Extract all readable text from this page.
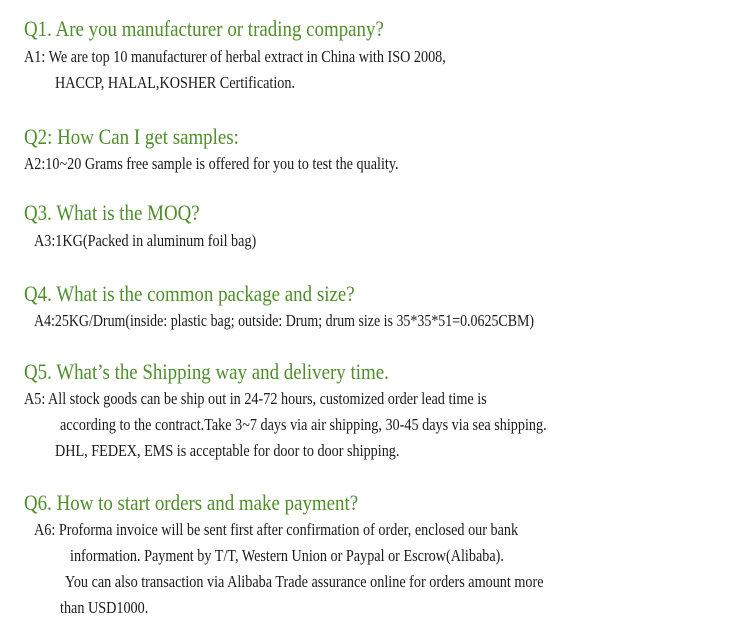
Q1. Are you manufacturer or trading company?
A1: We are top 10 manufacturer of herbal extract in China with ISO 2008,
HACCP, HALAL,KOSHER Certification.
Q2: How Can I get samples:
A2:10~20 Grams free sample is offered for you to test the quality.
Q3. What is the MOQ?
A3:1KG(Packed in aluminum foil bag)
Q4. What is the common package and size?
A4:25KG/Drum(inside: plastic bag; outside: Drum; drum size is 35*35*51=0.0625CBM)
Q5. What’s the Shipping way and delivery time.
A5: All stock goods can be ship out in 24-72 hours, customized order lead time is
according to the contract.Take 3~7 days via air shipping, 30-45 days via sea shipping.
DHL, FEDEX, EMS is acceptable for door to door shipping.
Q6. How to start orders and make payment?
A6: Proforma invoice will be sent first after confirmation of order, enclosed our bank
information. Payment by T/T, Western Union or Paypal or Escrow(Alibaba).
You can also transaction via Alibaba Trade assurance online for orders amount more
than USD1000.
